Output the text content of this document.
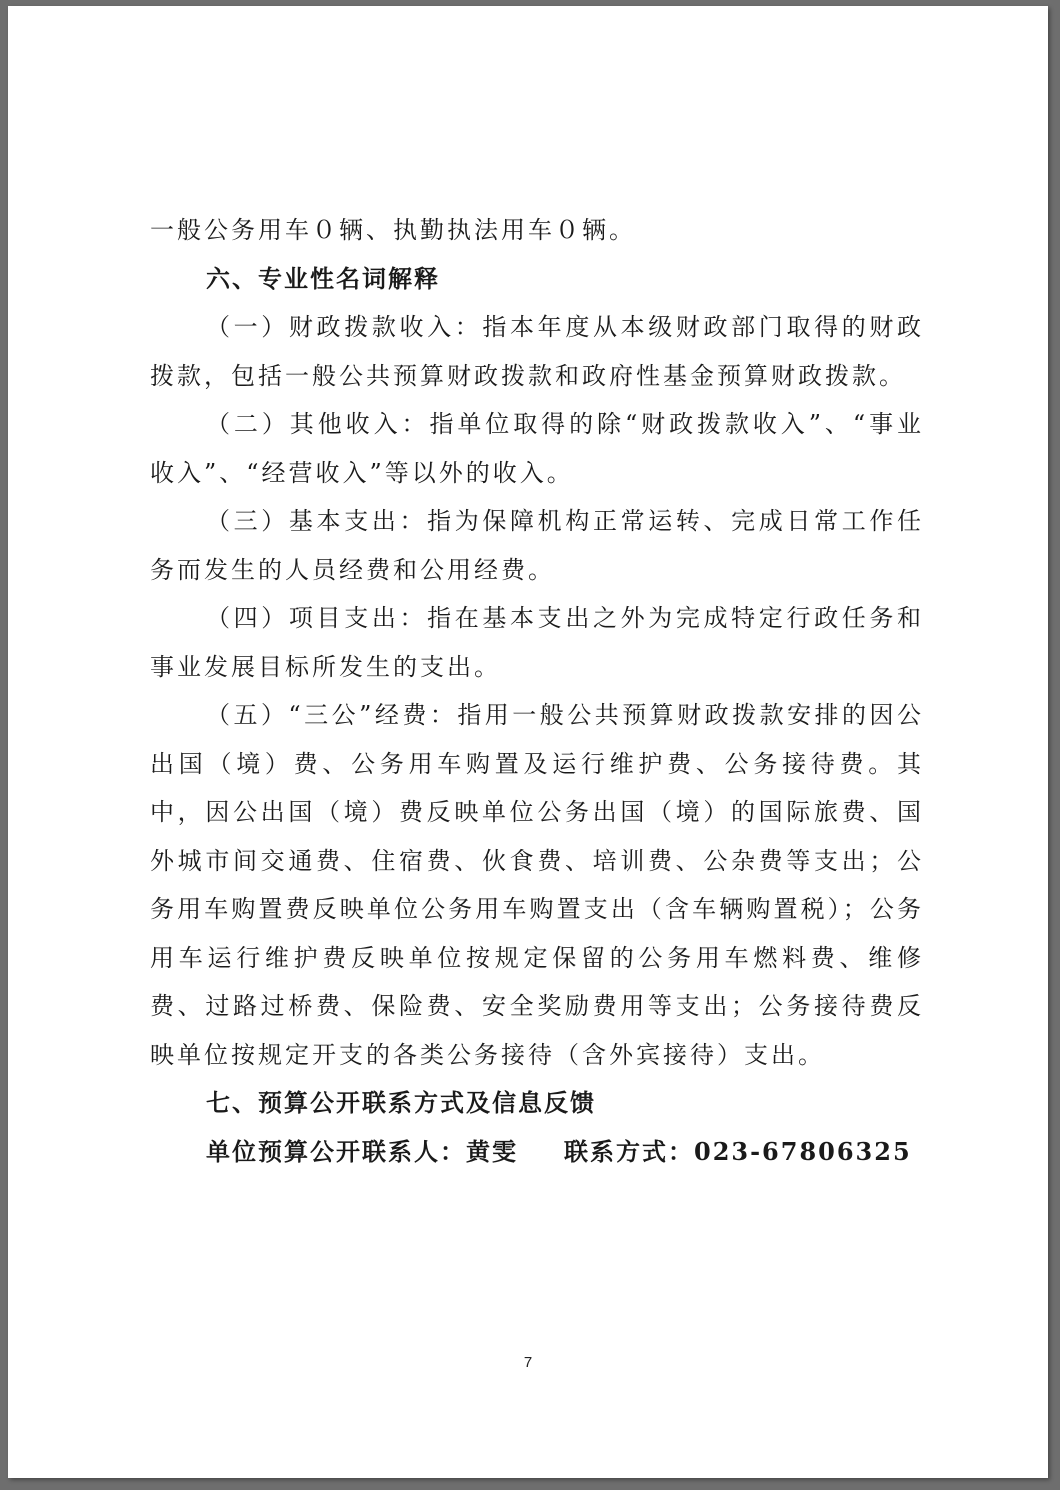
一般公务用车０辆、执勤执法用车０辆。

六、专业性名词解释

（一）财政拨款收入：指本年度从本级财政部门取得的财政拨款，包括一般公共预算财政拨款和政府性基金预算财政拨款。

（二）其他收入：指单位取得的除“财政拨款收入”、“事业收入”、“经营收入”等以外的收入。

（三）基本支出：指为保障机构正常运转、完成日常工作任务而发生的人员经费和公用经费。

（四）项目支出：指在基本支出之外为完成特定行政任务和事业发展目标所发生的支出。

（五）“三公”经费：指用一般公共预算财政拨款安排的因公出国（境）费、公务用车购置及运行维护费、公务接待费。其中，因公出国（境）费反映单位公务出国（境）的国际旅费、国外城市间交通费、住宿费、伙食费、培训费、公杂费等支出；公务用车购置费反映单位公务用车购置支出（含车辆购置税）；公务用车运行维护费反映单位按规定保留的公务用车燃料费、维修费、过路过桥费、保险费、安全奖励费用等支出；公务接待费反映单位按规定开支的各类公务接待（含外宾接待）支出。

七、预算公开联系方式及信息反馈

单位预算公开联系人：黄雯 联系方式：023-67806325

7
